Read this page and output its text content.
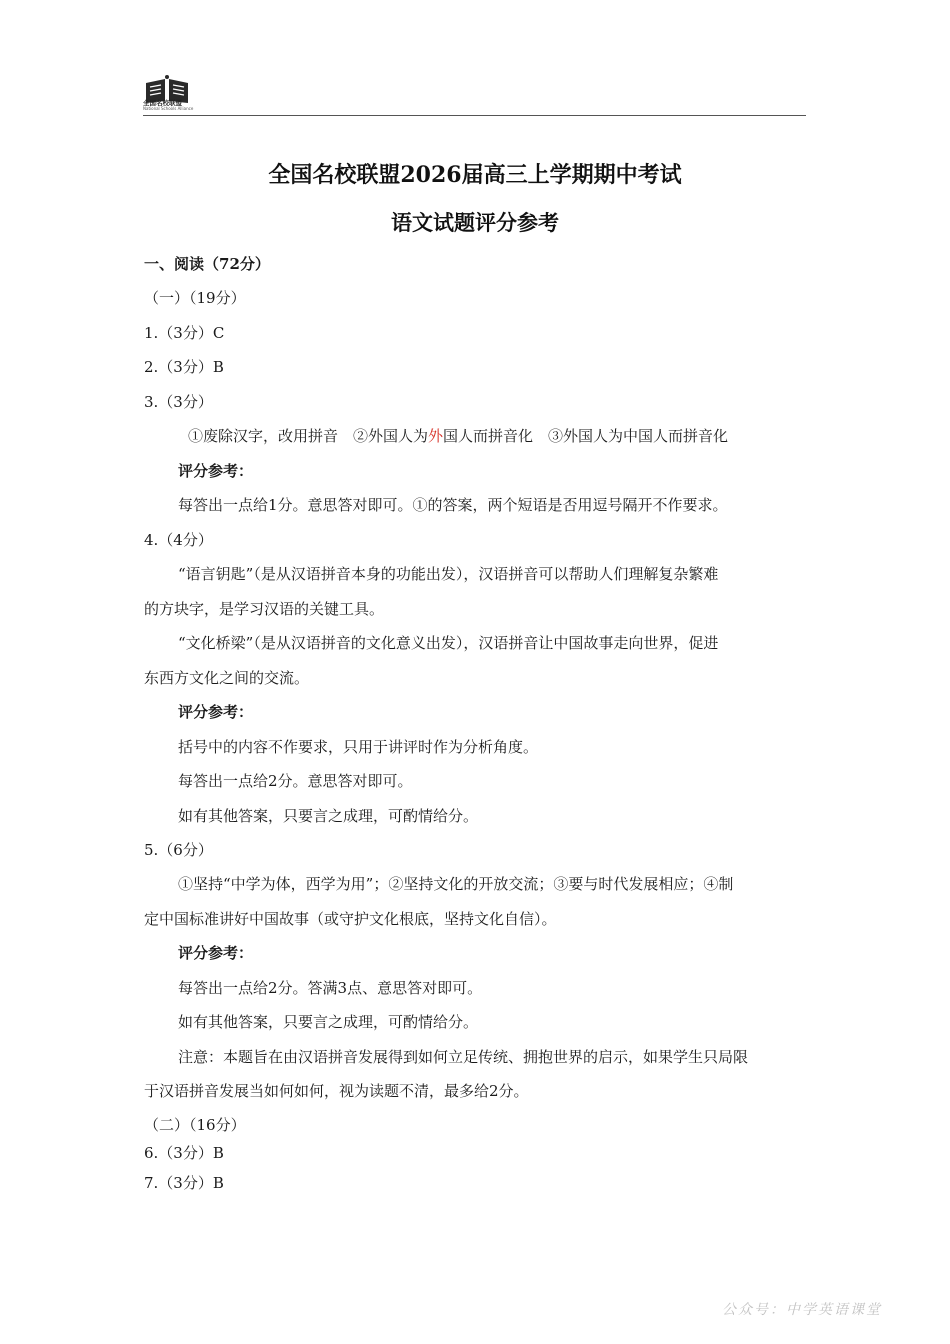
全国名校联盟
National Schools Alliance
全国名校联盟2026届高三上学期期中考试
语文试题评分参考
一、阅读（72分）
（一）（19分）
1.（3分）C
2.（3分）B
3.（3分）
①废除汉字，改用拼音　②外国人为外国人而拼音化　③外国人为中国人而拼音化
评分参考：
每答出一点给1分。意思答对即可。①的答案，两个短语是否用逗号隔开不作要求。
4.（4分）
“语言钥匙”（是从汉语拼音本身的功能出发），汉语拼音可以帮助人们理解复杂繁难
的方块字，是学习汉语的关键工具。
“文化桥梁”（是从汉语拼音的文化意义出发），汉语拼音让中国故事走向世界，促进
东西方文化之间的交流。
评分参考：
括号中的内容不作要求，只用于讲评时作为分析角度。
每答出一点给2分。意思答对即可。
如有其他答案，只要言之成理，可酌情给分。
5.（6分）
①坚持“中学为体，西学为用”；②坚持文化的开放交流；③要与时代发展相应；④制
定中国标准讲好中国故事（或守护文化根底，坚持文化自信）。
评分参考：
每答出一点给2分。答满3点、意思答对即可。
如有其他答案，只要言之成理，可酌情给分。
注意：本题旨在由汉语拼音发展得到如何立足传统、拥抱世界的启示，如果学生只局限
于汉语拼音发展当如何如何，视为读题不清，最多给2分。
（二）（16分）
6.（3分）B
7.（3分）B
公众号：中学英语课堂
